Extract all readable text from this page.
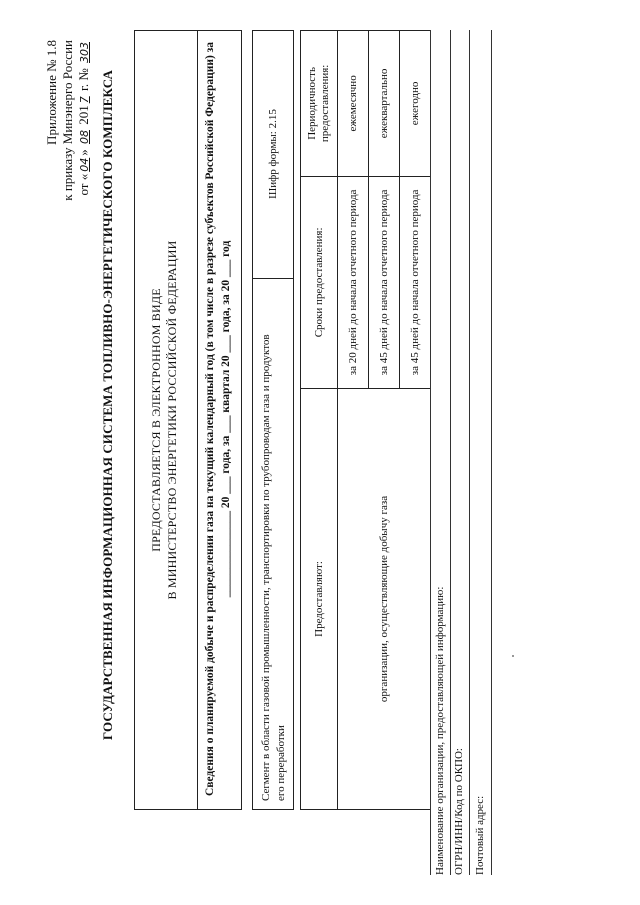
Приложение № 1.8 к приказу Минэнерго России от «04» 08 2017 г. № 303
ГОСУДАРСТВЕННАЯ ИНФОРМАЦИОННАЯ СИСТЕМА ТОПЛИВНО-ЭНЕРГЕТИЧЕСКОГО КОМПЛЕКСА	ПРЕДОСТАВЛЯЕТСЯ В ЭЛЕКТРОННОМ ВИДЕ В МИНИСТЕРСТВО ЭНЕРГЕТИКИ РОССИЙСКОЙ ФЕДЕРАЦИИ Сведения о планируемой добыче и распределении газа на текущий календарный год (в том числе в разрезе субъектов Российской Федерации) за _______________ 20 ___ года, за ___ квартал 20 ___ года, за 20 ___ год	Сегмент в области газовой промышленности, транспортировки по трубопроводам газа и продуктов его переработки
Шифр формы: 2.15
Предоставляют:	Сроки предоставления:	Периодичность предоставления:
организации, осуществляющие добычу газа	за 20 дней до начала отчетного периода	ежемесячно
	за 45 дней до начала отчетного периода	ежеквартально
	за 45 дней до начала отчетного периода	ежегодно
Наименование организации, предоставляющей информацию: ОГРН/ИНН/Код по ОКПО: Почтовый адрес:
